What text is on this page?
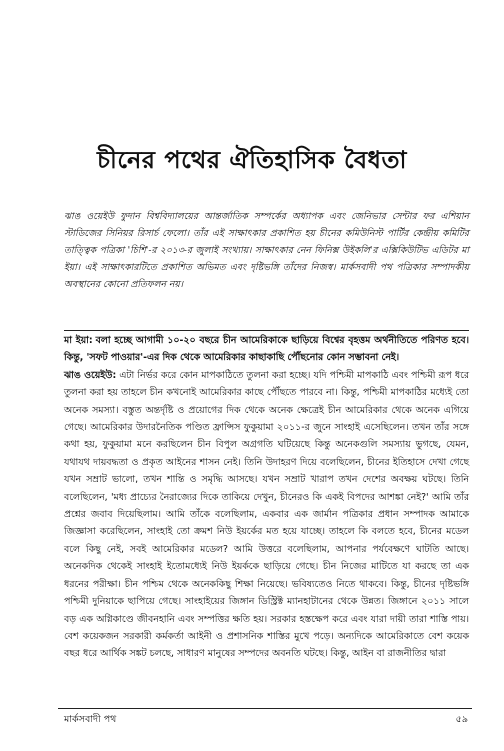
চীনের পথের ঐতিহাসিক বৈধতা
ঝাঙ ওয়েইউ ফুদান বিশ্ববিদ্যালয়ের আন্তর্জাতিক সম্পর্কের অধ্যাপক এবং জেনিভার সেন্টার ফর এশিয়ান স্টাডিজের সিনিয়র রিসার্চ ফেলো। তাঁর এই সাক্ষাৎকার প্রকাশিত হয় চীনের কমিউনিস্ট পার্টির কেন্দ্রীয় কমিটির তাত্ত্বিক পত্রিকা 'চিশি'-র ২০১৩-র জুলাই সংখ্যায়। সাক্ষাৎকার নেন ফিনিক্স উইকলি'র এক্সিকিউটিভ এডিটর মা ইয়া। এই সাক্ষাৎকারটিতে প্রকাশিত অভিমত এবং দৃষ্টিভঙ্গি তাঁদের নিজস্ব। মার্কসবাদী পথ পত্রিকার সম্পাদকীয় অবস্থানের কোনো প্রতিফলন নয়।

মা ইয়া: বলা হচ্ছে আগামী ১০-২০ বছরে চীন আমেরিকাকে ছাড়িয়ে বিশ্বের বৃহত্তম অর্থনীতিতে পরিণত হবে। কিন্তু, 'সফট পাওয়ার'-এর দিক থেকে আমেরিকার কাছাকাছি পৌঁছনোর কোন সম্ভাবনা নেই।

ঝাঙ ওয়েইউ: এটা নির্ভর করে কোন মাপকাঠিতে তুলনা করা হচ্ছে। যদি পশ্চিমী মাপকাঠি এবং পশ্চিমী রূপ ধরে তুলনা করা হয় তাহলে চীন কখনোই আমেরিকার কাছে পৌঁছতে পারবে না। কিন্তু, পশ্চিমী মাপকাঠির মধ্যেই তো অনেক সমস্যা। বস্তুত অন্তর্দৃষ্টি ও প্রয়োগের দিক থেকে অনেক ক্ষেত্রেই চীন আমেরিকার থেকে অনেক এগিয়ে গেছে। আমেরিকার উদারনৈতিক পণ্ডিত ফ্রান্সিস ফুকুয়ামা ২০১১-র জুনে সাংহাই এসেছিলেন। তখন তাঁর সঙ্গে কথা হয়, ফুকুয়ামা মনে করছিলেন চীন বিপুল অগ্রগতি ঘটিয়েছে কিন্তু অনেকগুলি সমস্যায় ভুগছে, যেমন, যথাযথ দায়বদ্ধতা ও প্রকৃত আইনের শাসন নেই। তিনি উদাহরণ দিয়ে বলেছিলেন, চীনের ইতিহাসে দেখা গেছে যখন সম্রাট ভালো, তখন শান্তি ও সমৃদ্ধি আসছে। যখন সম্রাট খারাপ তখন দেশের অবক্ষয় ঘটছে। তিনি বলেছিলেন, 'মধ্য প্রাচ্যের নৈরাজ্যের দিকে তাকিয়ে দেখুন, চীনেরও কি একই বিপদের আশঙ্কা নেই?' আমি তাঁর প্রশ্নের জবাব দিয়েছিলাম। আমি তাঁকে বলেছিলাম, একবার এক জার্মান পত্রিকার প্রধান সম্পাদক আমাকে জিজ্ঞাসা করেছিলেন, সাংহাই তো ক্রমশ নিউ ইয়র্কের মত হয়ে যাচ্ছে। তাহলে কি বলতে হবে, চীনের মডেল বলে কিছু নেই, সবই আমেরিকার মডেল? আমি উত্তরে বলেছিলাম, আপনার পর্যবেক্ষণে ঘাটতি আছে। অনেকদিক থেকেই সাংহাই ইতোমধ্যেই নিউ ইয়র্ককে ছাড়িয়ে গেছে। চীন নিজের মাটিতে যা করছে তা এক ধরনের পরীক্ষা। চীন পশ্চিম থেকে অনেককিছু শিক্ষা নিয়েছে। ভবিষ্যতেও নিতে থাকবে। কিন্তু, চীনের দৃষ্টিভঙ্গি পশ্চিমী দুনিয়াকে ছাপিয়ে গেছে। সাংহাইয়ের জিঙ্গান ডিস্ট্রিক্ট ম্যানহাটানের থেকে উন্নত। জিঙ্গানে ২০১১ সালে বড় এক অগ্নিকাণ্ডে জীবনহানি এবং সম্পত্তির ক্ষতি হয়। সরকার হস্তক্ষেপ করে এবং যারা দায়ী তারা শাস্তি পায়। বেশ কয়েকজন সরকারী কর্মকর্তা আইনী ও প্রশাসনিক শাস্তির মুখে পড়ে। অন্যদিকে আমেরিকাতে বেশ কয়েক বছর ধরে আর্থিক সঙ্কট চলছে, সাধারণ মানুষের সম্পদের অবনতি ঘটছে। কিন্তু, আইন বা রাজনীতির দ্বারা

মার্কসবাদী পথ	৫৯
